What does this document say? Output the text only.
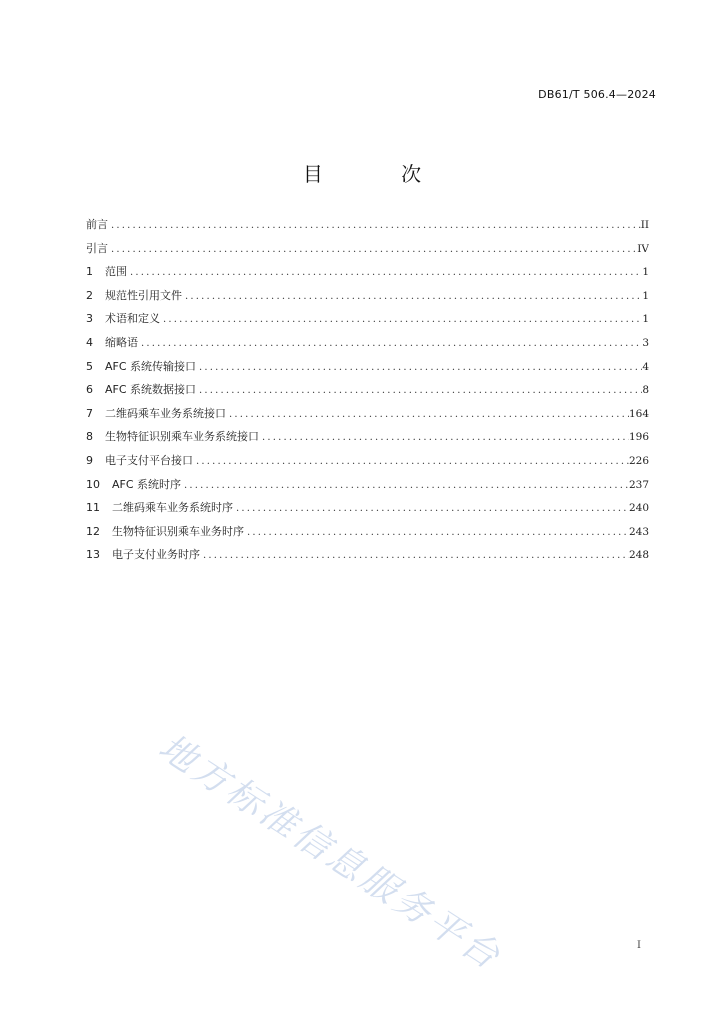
DB61/T 506.4—2024
目 次
前言 .....	II
引言 .....	IV
1	范围 .....	1
2	规范性引用文件 .....	1
3	术语和定义 .....	1
4	缩略语 .....	3
5	AFC 系统传输接口 .....	4
6	AFC 系统数据接口 .....	8
7	二维码乘车业务系统接口 .....	164
8	生物特征识别乘车业务系统接口 .....	196
9	电子支付平台接口 .....	226
10	AFC 系统时序 .....	237
11	二维码乘车业务系统时序 .....	240
12	生物特征识别乘车业务时序 .....	243
13	电子支付业务时序 .....	248
地方标准信息服务平台	I
